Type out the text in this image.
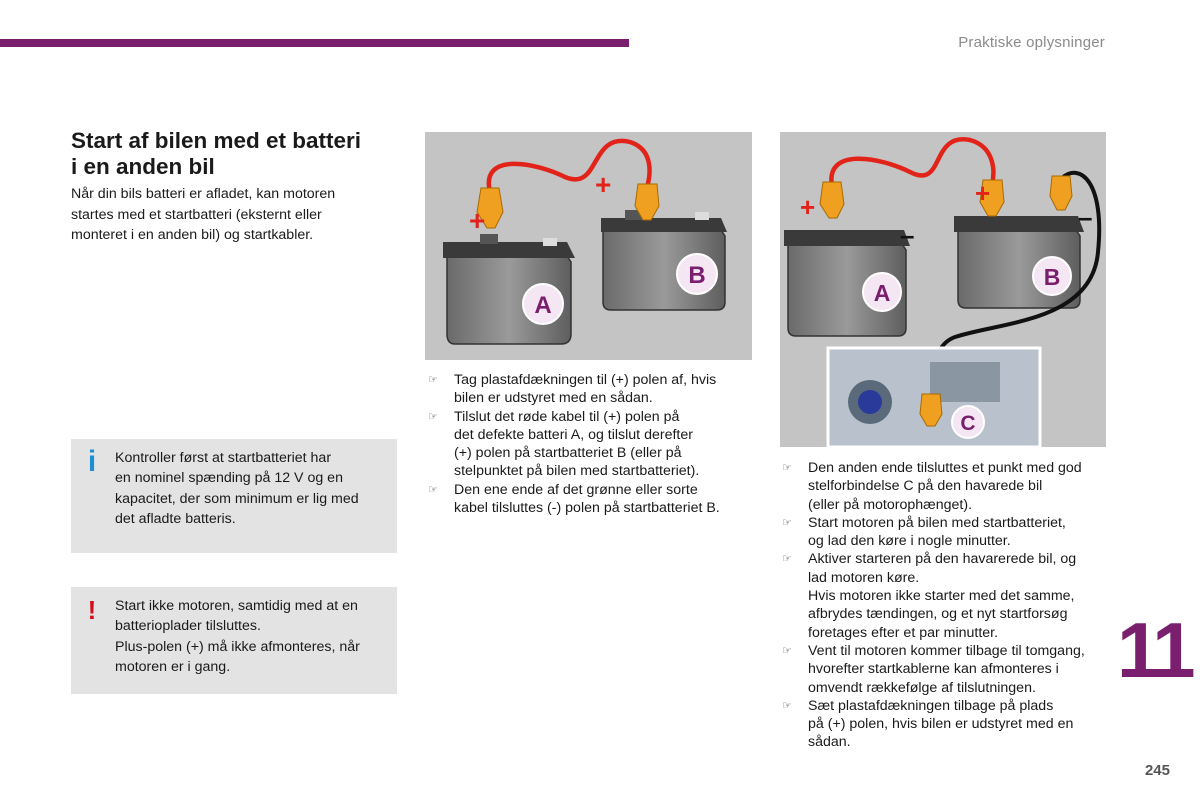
Praktiske oplysninger
Start af bilen med et batteri
i en anden bil

Når din bils batteri er afladet, kan motoren
startes med et startbatteri (eksternt eller
monteret i en anden bil) og startkabler.

i Kontroller først at startbatteriet har

en nominel spænding på 12 V og en

kapacitet, der som minimum er lig med

det afladte batteris.

! Start ikke motoren, samtidig med at en

batterioplader tilsluttes.

Plus-polen (+) må ikke afmonteres, når

motoren er i gang.

B
A
+
+
B
A
C
+	+
–
–
☞ Tag plastafdækningen til (+) polen af, hvis
bilen er udstyret med en sådan.
☞ Tilslut det røde kabel til (+) polen på
det defekte batteri A, og tilslut derefter
(+) polen på startbatteriet B (eller på
stelpunktet på bilen med startbatteriet).
☞ Den ene ende af det grønne eller sorte
kabel tilsluttes (-) polen på startbatteriet B.
☞ Den anden ende tilsluttes et punkt med god
stelforbindelse C på den havarede bil
(eller på motorophænget).
☞ Start motoren på bilen med startbatteriet,
og lad den køre i nogle minutter.
☞ Aktiver starteren på den havarerede bil, og
lad motoren køre.
Hvis motoren ikke starter med det samme,
afbrydes tændingen, og et nyt startforsøg
foretages efter et par minutter.
☞ Vent til motoren kommer tilbage til tomgang,
hvorefter startkablerne kan afmonteres i
omvendt rækkefølge af tilslutningen.
☞ Sæt plastafdækningen tilbage på plads
på (+) polen, hvis bilen er udstyret med en
sådan.
11
245
